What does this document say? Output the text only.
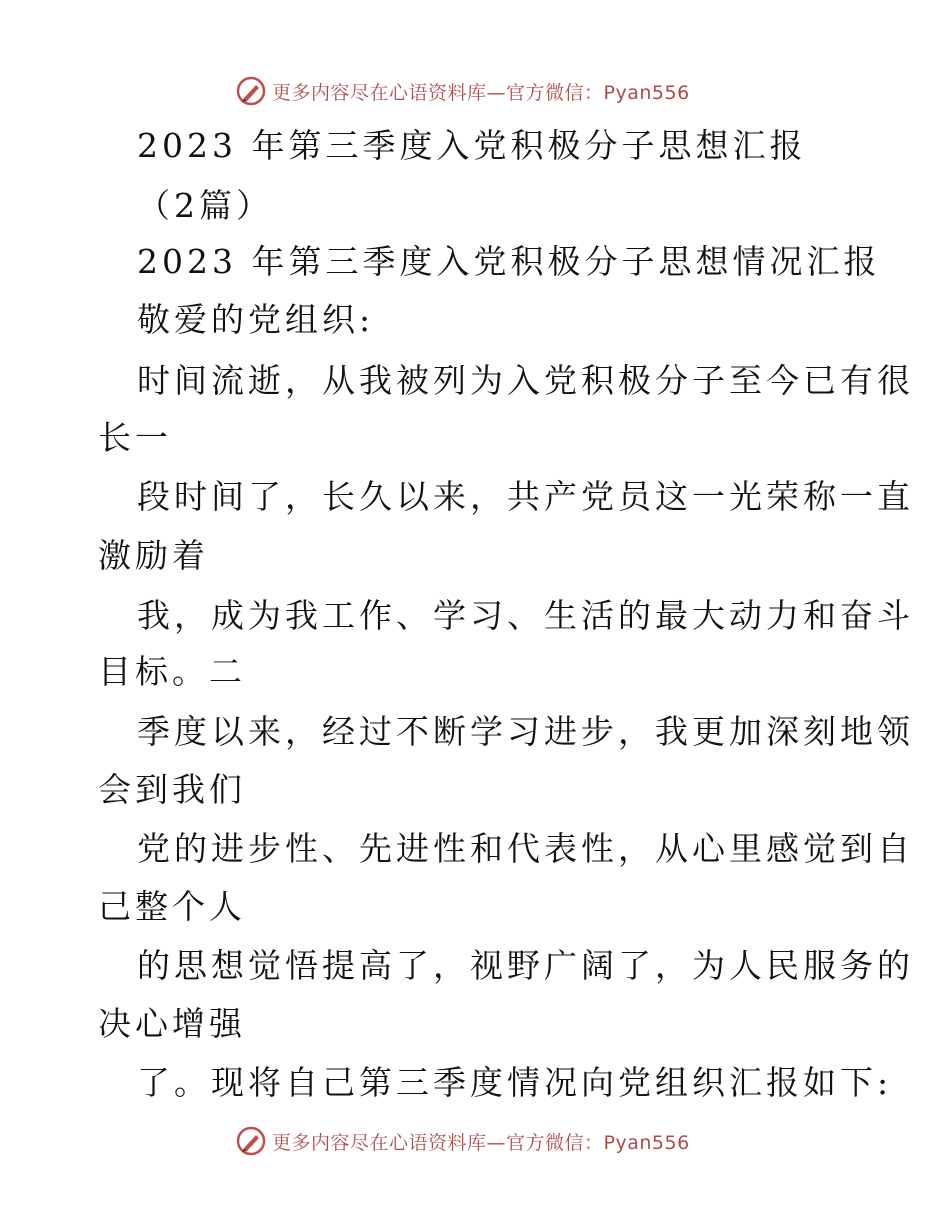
更多内容尽在心语资料库—官方微信：Pyan556
2023 年第三季度入党积极分子思想汇报
（2篇）
2023 年第三季度入党积极分子思想情况汇报
敬爱的党组织:
时间流逝，从我被列为入党积极分子至今已有很
长一
段时间了，长久以来，共产党员这一光荣称一直
激励着
我，成为我工作、学习、生活的最大动力和奋斗
目标。二
季度以来，经过不断学习进步，我更加深刻地领
会到我们
党的进步性、先进性和代表性，从心里感觉到自
己整个人
的思想觉悟提高了，视野广阔了，为人民服务的
决心增强
了。现将自己第三季度情况向党组织汇报如下:
更多内容尽在心语资料库—官方微信：Pyan556
